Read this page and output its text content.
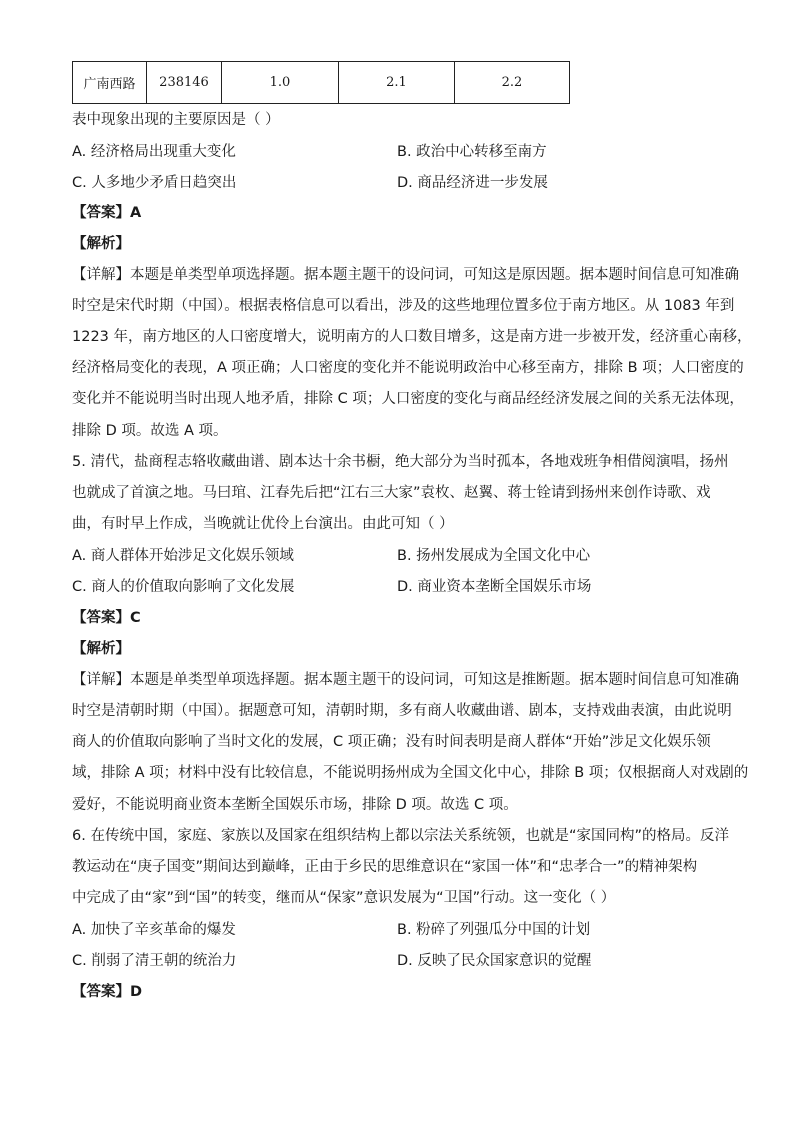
广南西路	238146	1.0	2.1	2.2
表中现象出现的主要原因是（ ）
A. 经济格局出现重大变化	B. 政治中心转移至南方
C. 人多地少矛盾日趋突出	D. 商品经济进一步发展
【答案】A
【解析】
【详解】本题是单类型单项选择题。据本题主题干的设问词，可知这是原因题。据本题时间信息可知准确
时空是宋代时期（中国）。根据表格信息可以看出，涉及的这些地理位置多位于南方地区。从 1083 年到
1223 年，南方地区的人口密度增大，说明南方的人口数目增多，这是南方进一步被开发，经济重心南移，
经济格局变化的表现，A 项正确；人口密度的变化并不能说明政治中心移至南方，排除 B 项；人口密度的
变化并不能说明当时出现人地矛盾，排除 C 项；人口密度的变化与商品经经济发展之间的关系无法体现，
排除 D 项。故选 A 项。
5. 清代，盐商程志辂收藏曲谱、剧本达十余书橱，绝大部分为当时孤本，各地戏班争相借阅演唱，扬州
也就成了首演之地。马曰琯、江春先后把“江右三大家”袁枚、赵翼、蒋士铨请到扬州来创作诗歌、戏
曲，有时早上作成，当晚就让优伶上台演出。由此可知（ ）
A. 商人群体开始涉足文化娱乐领域	B. 扬州发展成为全国文化中心
C. 商人的价值取向影响了文化发展	D. 商业资本垄断全国娱乐市场
【答案】C
【解析】
【详解】本题是单类型单项选择题。据本题主题干的设问词，可知这是推断题。据本题时间信息可知准确
时空是清朝时期（中国）。据题意可知，清朝时期，多有商人收藏曲谱、剧本，支持戏曲表演，由此说明
商人的价值取向影响了当时文化的发展，C 项正确；没有时间表明是商人群体“开始”涉足文化娱乐领
域，排除 A 项；材料中没有比较信息，不能说明扬州成为全国文化中心，排除 B 项；仅根据商人对戏剧的
爱好，不能说明商业资本垄断全国娱乐市场，排除 D 项。故选 C 项。
6. 在传统中国，家庭、家族以及国家在组织结构上都以宗法关系统领，也就是“家国同构”的格局。反洋
教运动在“庚子国变”期间达到巅峰，正由于乡民的思维意识在“家国一体”和“忠孝合一”的精神架构
中完成了由“家”到“国”的转变，继而从“保家”意识发展为“卫国”行动。这一变化（ ）
A. 加快了辛亥革命的爆发	B. 粉碎了列强瓜分中国的计划
C. 削弱了清王朝的统治力	D. 反映了民众国家意识的觉醒
【答案】D
